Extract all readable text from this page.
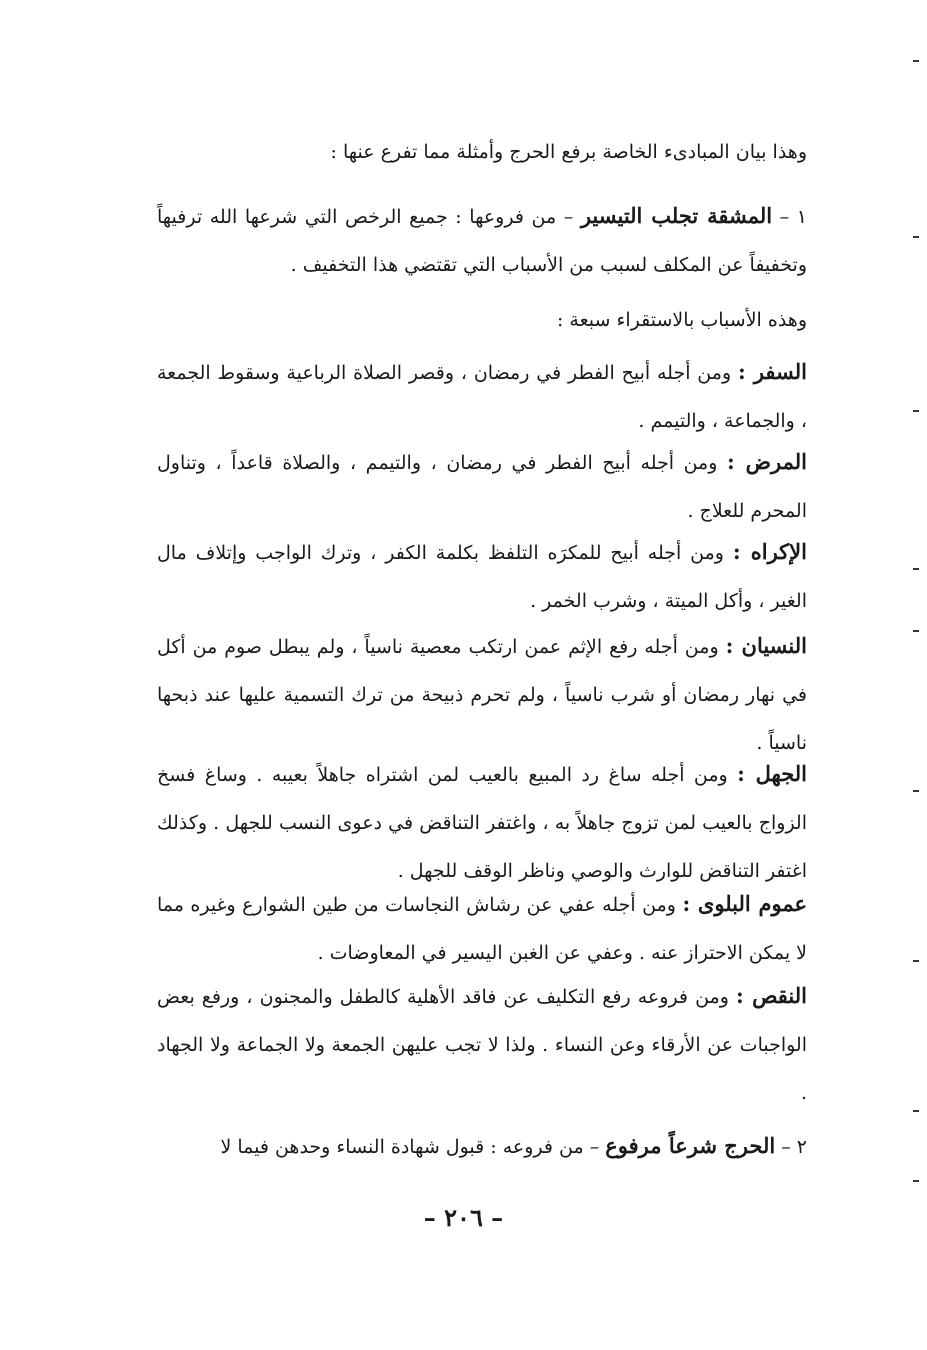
وهذا بيان المبادىء الخاصة برفع الحرج وأمثلة مما تفرع عنها :

١ – المشقة تجلب التيسير – من فروعها : جميع الرخص التي شرعها الله ترفيهاً وتخفيفاً عن المكلف لسبب من الأسباب التي تقتضي هذا التخفيف .

وهذه الأسباب بالاستقراء سبعة :

السفر : ومن أجله أبيح الفطر في رمضان ، وقصر الصلاة الرباعية وسقوط الجمعة ، والجماعة ، والتيمم .

المرض : ومن أجله أبيح الفطر في رمضان ، والتيمم ، والصلاة قاعداً ، وتناول المحرم للعلاج .

الإكراه : ومن أجله أبيح للمكرَه التلفظ بكلمة الكفر ، وترك الواجب وإتلاف مال الغير ، وأكل الميتة ، وشرب الخمر .

النسيان : ومن أجله رفع الإثم عمن ارتكب معصية ناسياً ، ولم يبطل صوم من أكل في نهار رمضان أو شرب ناسياً ، ولم تحرم ذبيحة من ترك التسمية عليها عند ذبحها ناسياً .

الجهل : ومن أجله ساغ رد المبيع بالعيب لمن اشتراه جاهلاً بعيبه . وساغ فسخ الزواج بالعيب لمن تزوج جاهلاً به ، واغتفر التناقض في دعوى النسب للجهل . وكذلك اغتفر التناقض للوارث والوصي وناظر الوقف للجهل .

عموم البلوى : ومن أجله عفي عن رشاش النجاسات من طين الشوارع وغيره مما لا يمكن الاحتراز عنه . وعفي عن الغبن اليسير في المعاوضات .

النقص : ومن فروعه رفع التكليف عن فاقد الأهلية كالطفل والمجنون ، ورفع بعض الواجبات عن الأرقاء وعن النساء . ولذا لا تجب عليهن الجمعة ولا الجماعة ولا الجهاد .

٢ – الحرج شرعاً مرفوع – من فروعه : قبول شهادة النساء وحدهن فيما لا

– ٢٠٦ –
